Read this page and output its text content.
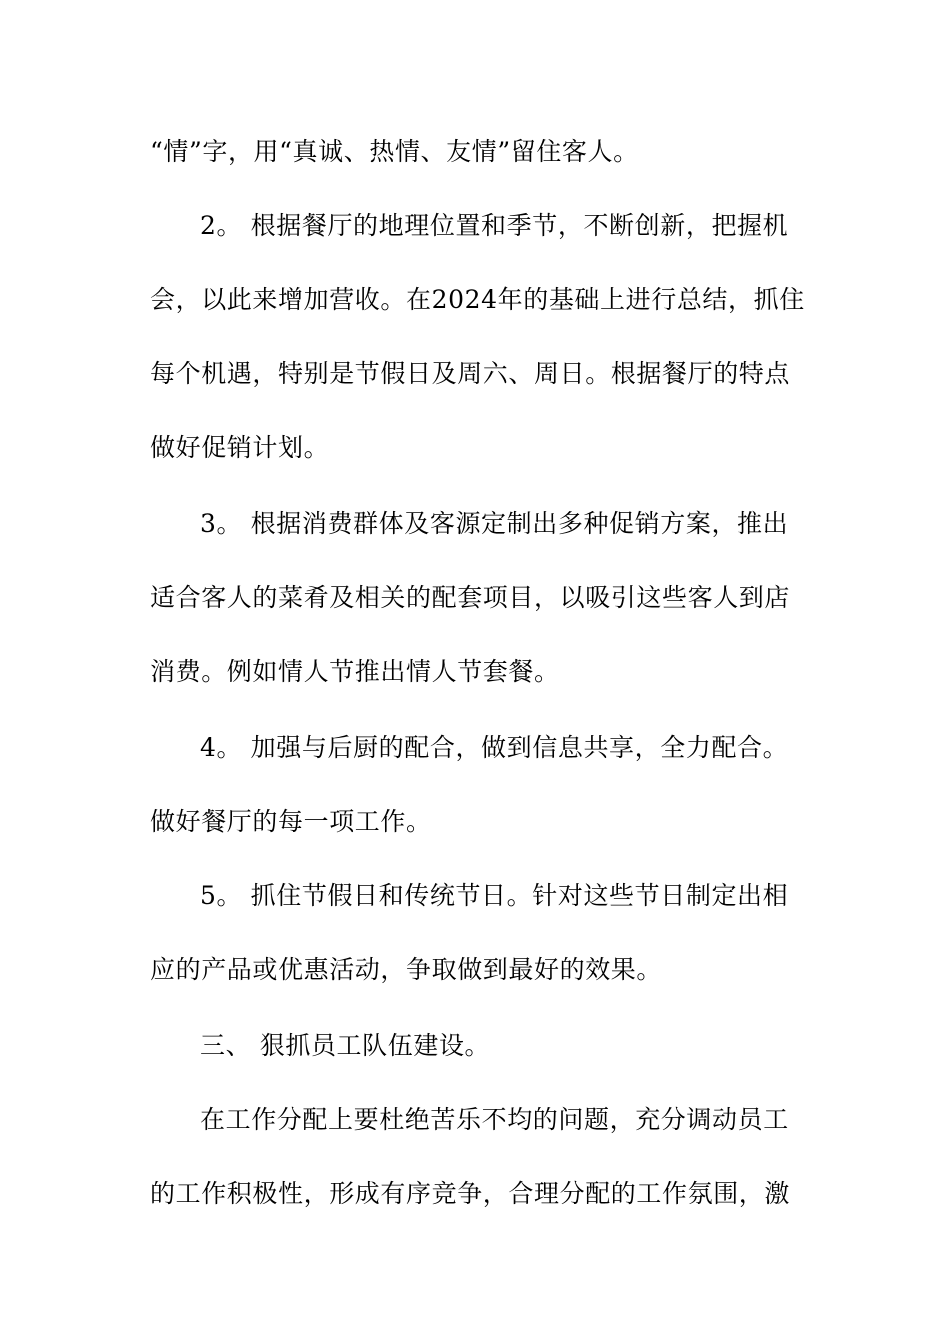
“情”字，用“真诚、热情、友情”留住客人。
2。 根据餐厅的地理位置和季节，不断创新，把握机
会，以此来增加营收。在2024年的基础上进行总结，抓住
每个机遇，特别是节假日及周六、周日。根据餐厅的特点
做好促销计划。
3。 根据消费群体及客源定制出多种促销方案，推出
适合客人的菜肴及相关的配套项目，以吸引这些客人到店
消费。例如情人节推出情人节套餐。
4。 加强与后厨的配合，做到信息共享，全力配合。
做好餐厅的每一项工作。
5。 抓住节假日和传统节日。针对这些节日制定出相
应的产品或优惠活动，争取做到最好的效果。
三、 狠抓员工队伍建设。
在工作分配上要杜绝苦乐不均的问题，充分调动员工
的工作积极性，形成有序竞争，合理分配的工作氛围，激
